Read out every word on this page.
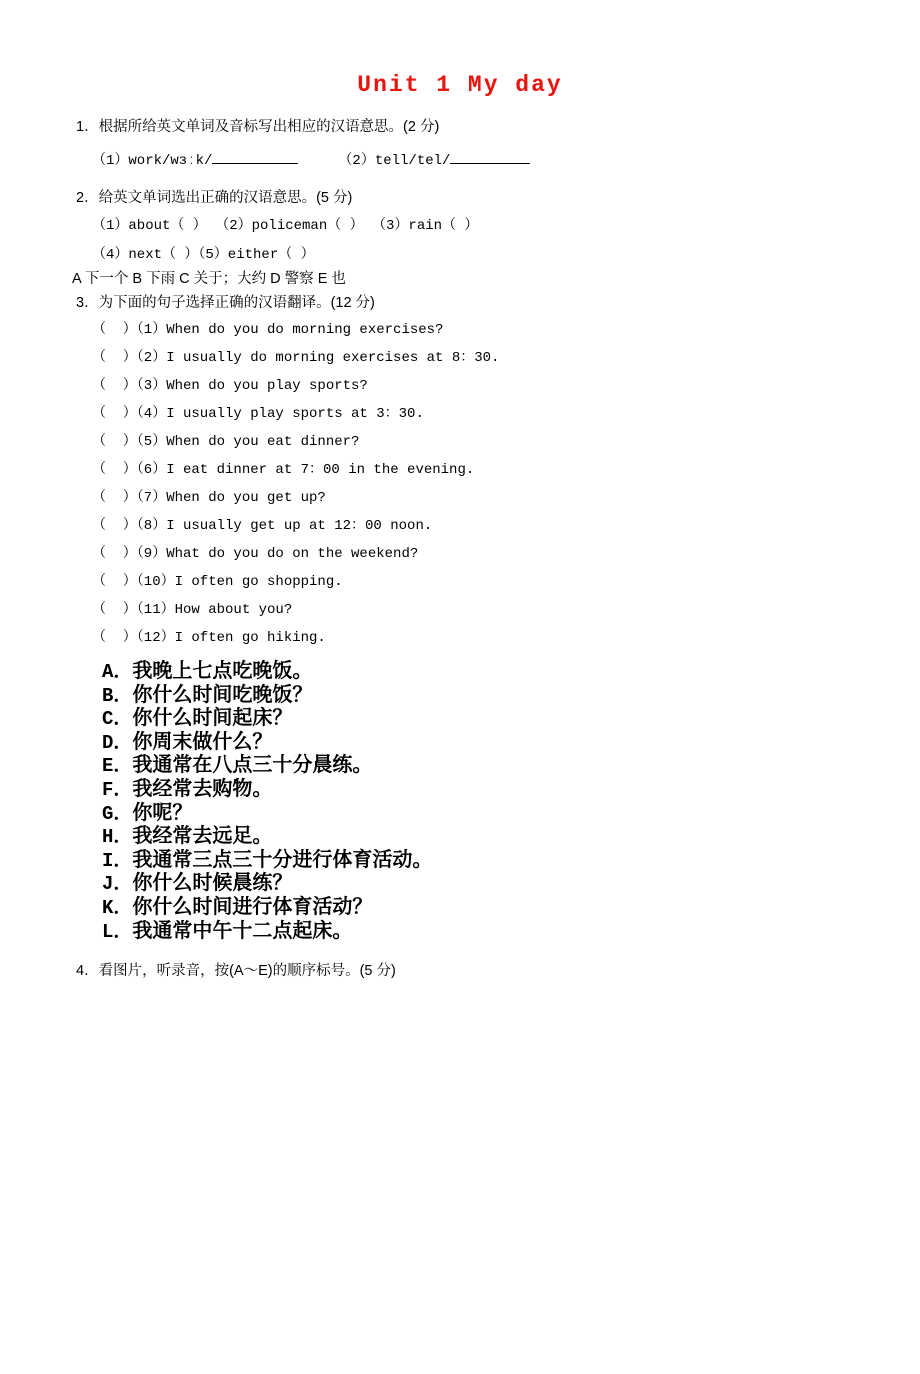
Unit 1 My day
1．根据所给英文单词及音标写出相应的汉语意思。(2 分)
（1）work/wɜːk/	（2）tell/tel/
2．给英文单词选出正确的汉语意思。(5 分)
（1）about（ ） （2）policeman（ ） （3）rain（ ）
（4）next（ ）（5）either（ ）
A 下一个 B 下雨 C 关于；大约 D 警察 E 也
3．为下面的句子选择正确的汉语翻译。(12 分)
（  ）（1）When do you do morning exercises?
（  ）（2）I usually do morning exercises at 8：30.
（  ）（3）When do you play sports?
（  ）（4）I usually play sports at 3：30.
（  ）（5）When do you eat dinner?
（  ）（6）I eat dinner at 7：00 in the evening.
（  ）（7）When do you get up?
（  ）（8）I usually get up at 12：00 noon.
（  ）（9）What do you do on the weekend?
（  ）（10）I often go shopping.
（  ）（11）How about you?
（  ）（12）I often go hiking.
A．我晚上七点吃晚饭。
B．你什么时间吃晚饭？
C．你什么时间起床？
D．你周末做什么？
E．我通常在八点三十分晨练。
F．我经常去购物。
G．你呢？
H．我经常去远足。
I．我通常三点三十分进行体育活动。
J．你什么时候晨练？
K．你什么时间进行体育活动？
L．我通常中午十二点起床。
4．看图片，听录音，按(A～E)的顺序标号。(5 分)
